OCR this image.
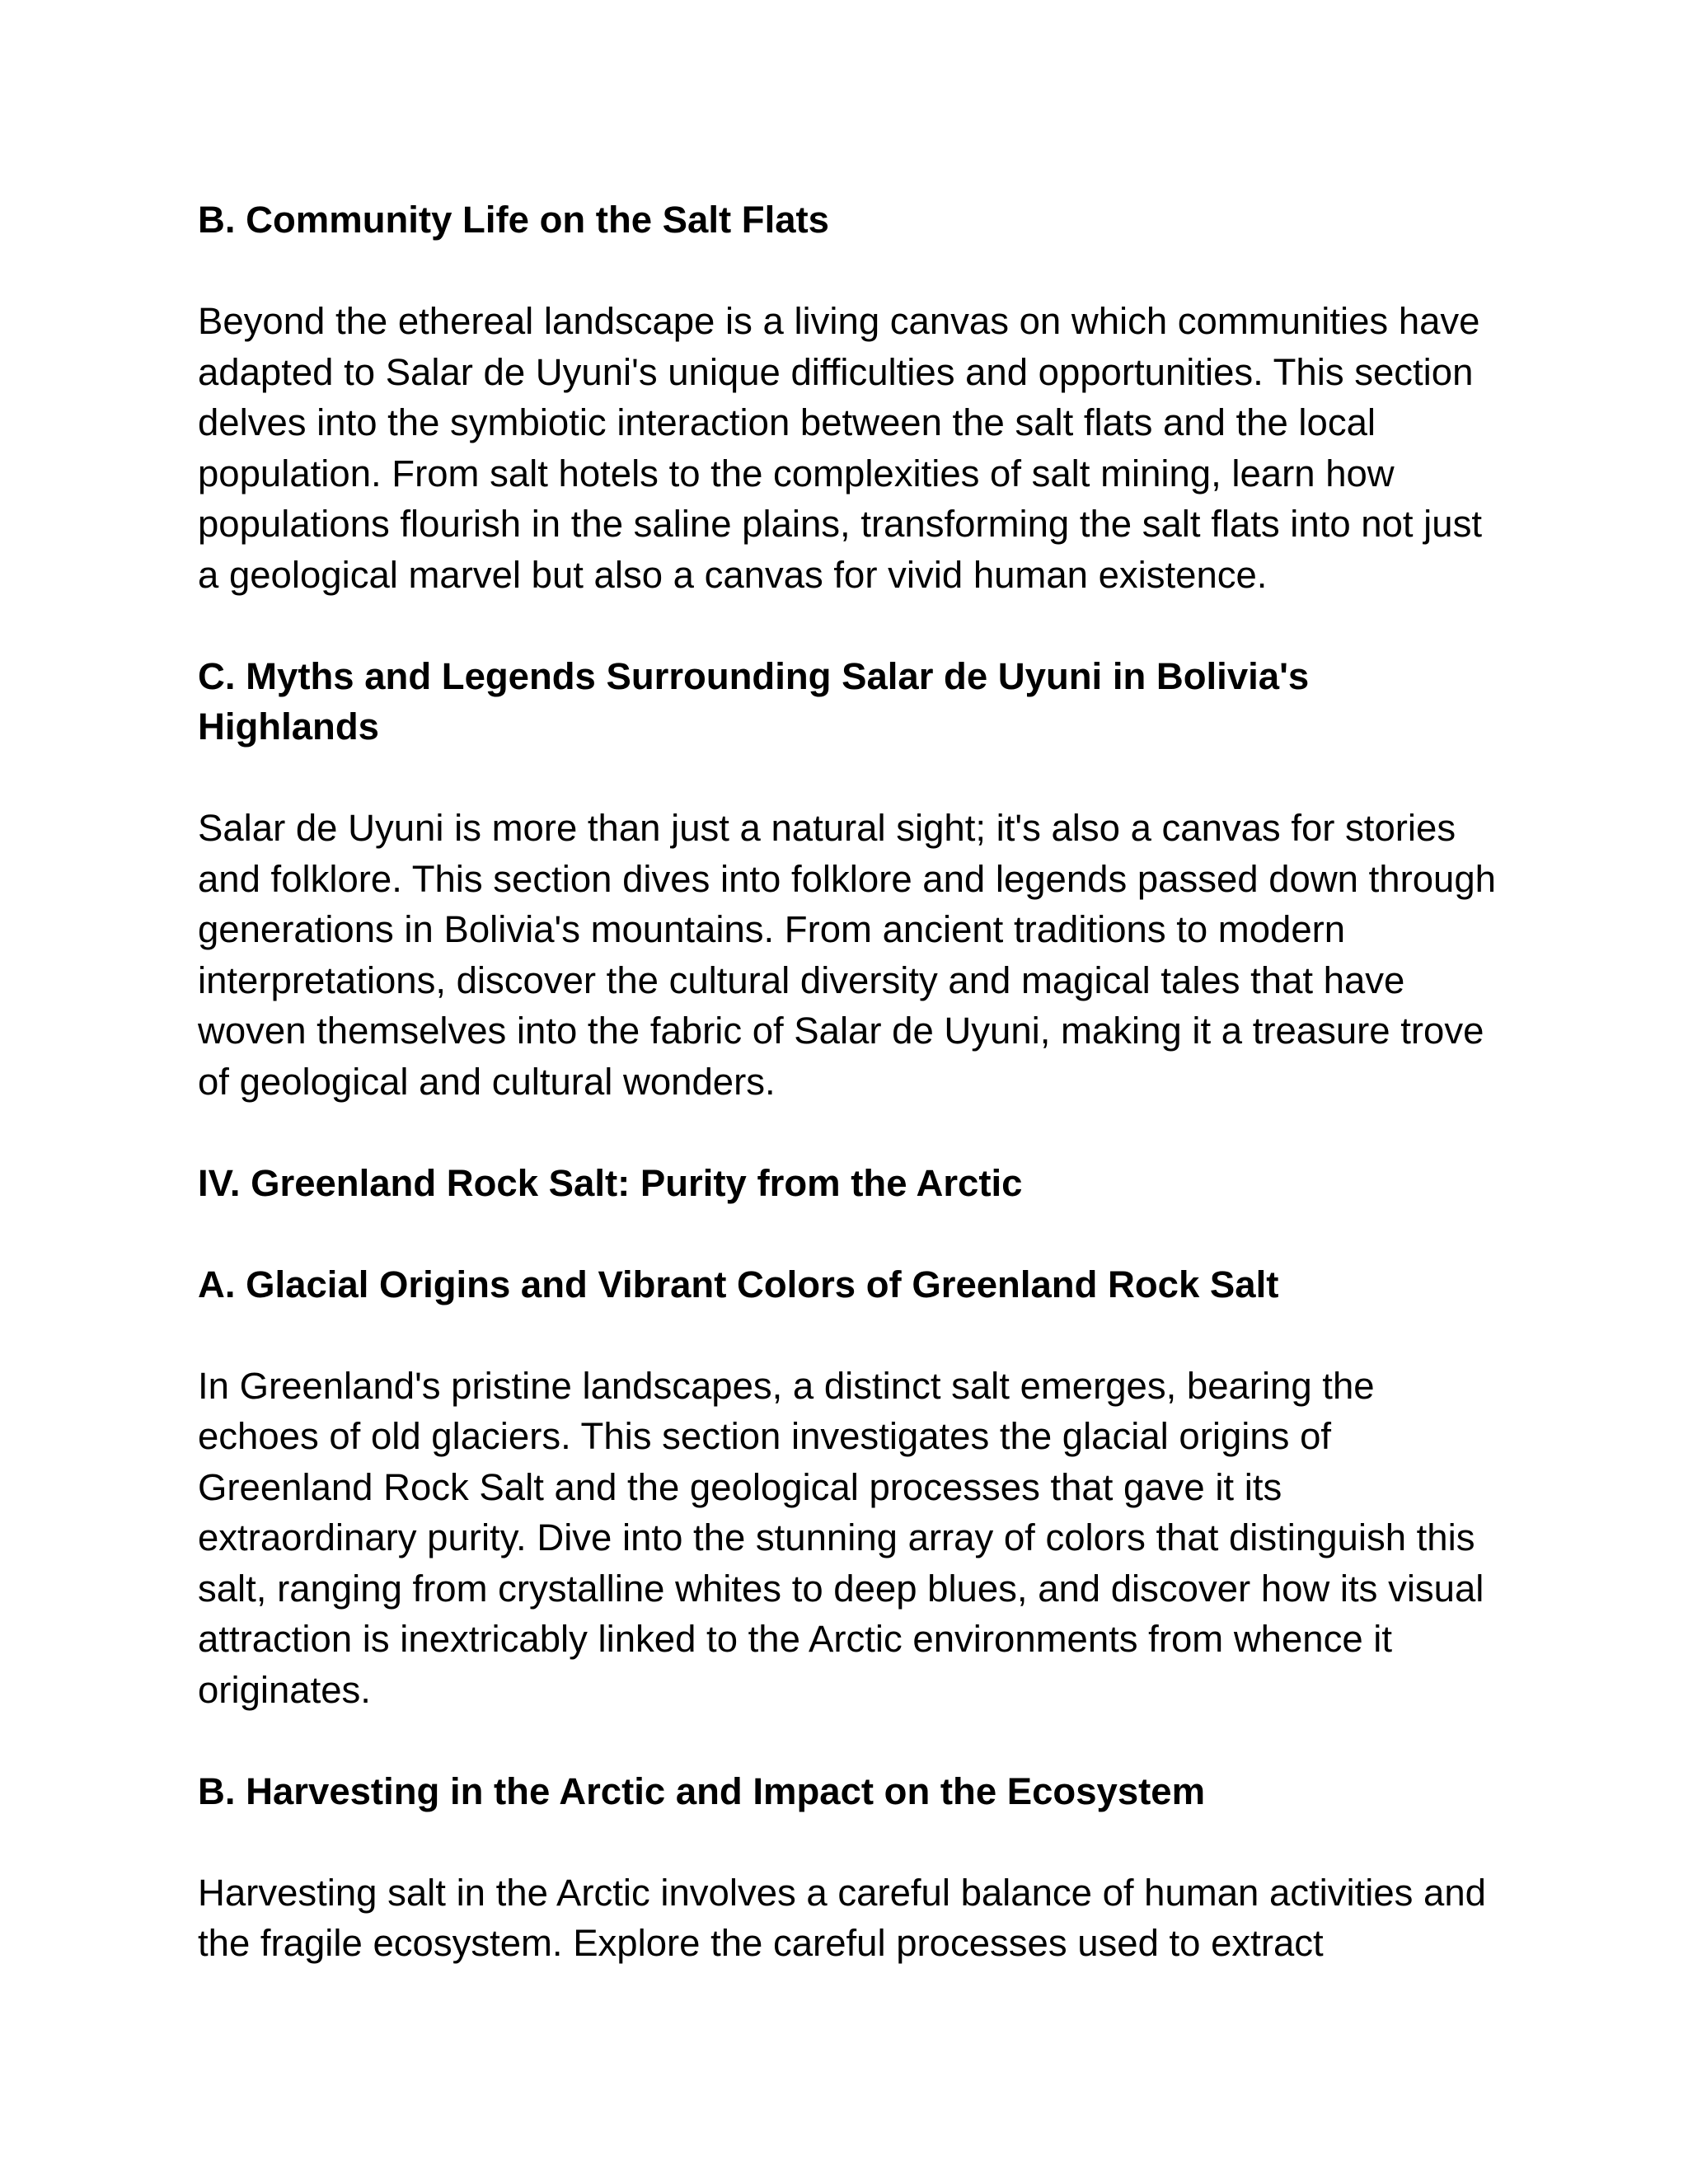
B. Community Life on the Salt Flats

Beyond the ethereal landscape is a living canvas on which communities have adapted to Salar de Uyuni's unique difficulties and opportunities. This section delves into the symbiotic interaction between the salt flats and the local population. From salt hotels to the complexities of salt mining, learn how populations flourish in the saline plains, transforming the salt flats into not just a geological marvel but also a canvas for vivid human existence.

C. Myths and Legends Surrounding Salar de Uyuni in Bolivia's Highlands

Salar de Uyuni is more than just a natural sight; it's also a canvas for stories and folklore. This section dives into folklore and legends passed down through generations in Bolivia's mountains. From ancient traditions to modern interpretations, discover the cultural diversity and magical tales that have woven themselves into the fabric of Salar de Uyuni, making it a treasure trove of geological and cultural wonders.

IV. Greenland Rock Salt: Purity from the Arctic
A. Glacial Origins and Vibrant Colors of Greenland Rock Salt

In Greenland's pristine landscapes, a distinct salt emerges, bearing the echoes of old glaciers. This section investigates the glacial origins of Greenland Rock Salt and the geological processes that gave it its extraordinary purity. Dive into the stunning array of colors that distinguish this salt, ranging from crystalline whites to deep blues, and discover how its visual attraction is inextricably linked to the Arctic environments from whence it originates.

B. Harvesting in the Arctic and Impact on the Ecosystem

Harvesting salt in the Arctic involves a careful balance of human activities and the fragile ecosystem. Explore the careful processes used to extract
